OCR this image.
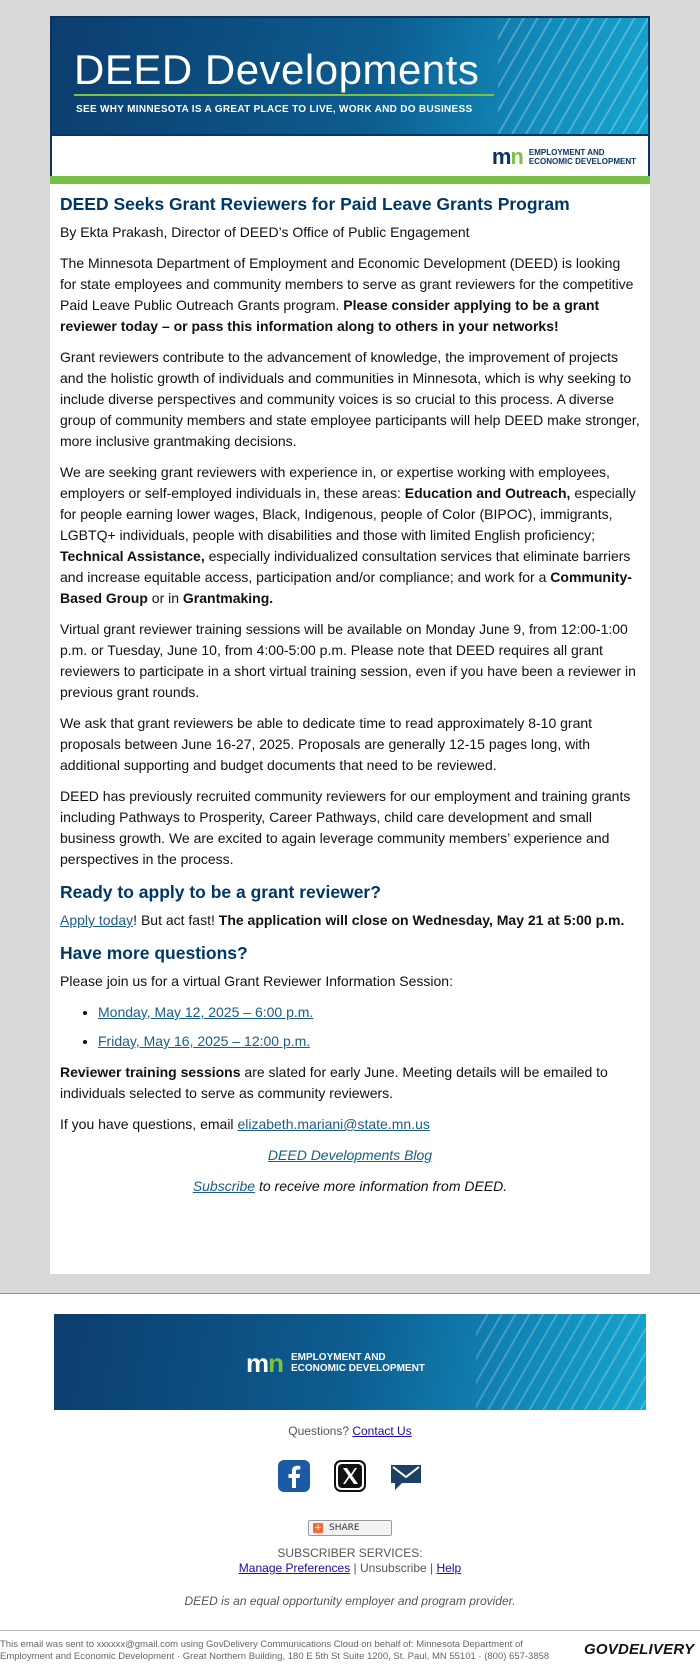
DEED Developments
SEE WHY MINNESOTA IS A GREAT PLACE TO LIVE, WORK AND DO BUSINESS
mn EMPLOYMENT AND
ECONOMIC DEVELOPMENT
DEED Seeks Grant Reviewers for Paid Leave Grants Program

By Ekta Prakash, Director of DEED’s Office of Public Engagement

The Minnesota Department of Employment and Economic Development (DEED) is looking for state employees and community members to serve as grant reviewers for the competitive Paid Leave Public Outreach Grants program. Please consider applying to be a grant reviewer today – or pass this information along to others in your networks!

Grant reviewers contribute to the advancement of knowledge, the improvement of projects and the holistic growth of individuals and communities in Minnesota, which is why seeking to include diverse perspectives and community voices is so crucial to this process. A diverse group of community members and state employee participants will help DEED make stronger, more inclusive grantmaking decisions.

We are seeking grant reviewers with experience in, or expertise working with employees, employers or self-employed individuals in, these areas: Education and Outreach, especially for people earning lower wages, Black, Indigenous, people of Color (BIPOC), immigrants, LGBTQ+ individuals, people with disabilities and those with limited English proficiency; Technical Assistance, especially individualized consultation services that eliminate barriers and increase equitable access, participation and/or compliance; and work for a Community-Based Group or in Grantmaking.

Virtual grant reviewer training sessions will be available on Monday June 9, from 12:00-1:00 p.m. or Tuesday, June 10, from 4:00-5:00 p.m. Please note that DEED requires all grant reviewers to participate in a short virtual training session, even if you have been a reviewer in previous grant rounds.

We ask that grant reviewers be able to dedicate time to read approximately 8-10 grant proposals between June 16-27, 2025. Proposals are generally 12-15 pages long, with additional supporting and budget documents that need to be reviewed.

DEED has previously recruited community reviewers for our employment and training grants including Pathways to Prosperity, Career Pathways, child care development and small business growth. We are excited to again leverage community members’ experience and perspectives in the process.

Ready to apply to be a grant reviewer?

Apply today! But act fast! The application will close on Wednesday, May 21 at 5:00 p.m.

Have more questions?

Please join us for a virtual Grant Reviewer Information Session:

• Monday, May 12, 2025 – 6:00 p.m.
• Friday, May 16, 2025 – 12:00 p.m.

Reviewer training sessions are slated for early June. Meeting details will be emailed to individuals selected to serve as community reviewers.

If you have questions, email elizabeth.mariani@state.mn.us

DEED Developments Blog

Subscribe to receive more information from DEED.

mn EMPLOYMENT AND
ECONOMIC DEVELOPMENT
Questions? Contact Us
+ SHARE
SUBSCRIBER SERVICES:
Manage Preferences | Unsubscribe | Help
DEED is an equal opportunity employer and program provider.
This email was sent to xxxxxx@gmail.com using GovDelivery Communications Cloud on behalf of: Minnesota Department of Employment and Economic Development · Great Northern Building, 180 E 5th St Suite 1200, St. Paul, MN 55101 · (800) 657-3858	GOVDELIVERY
